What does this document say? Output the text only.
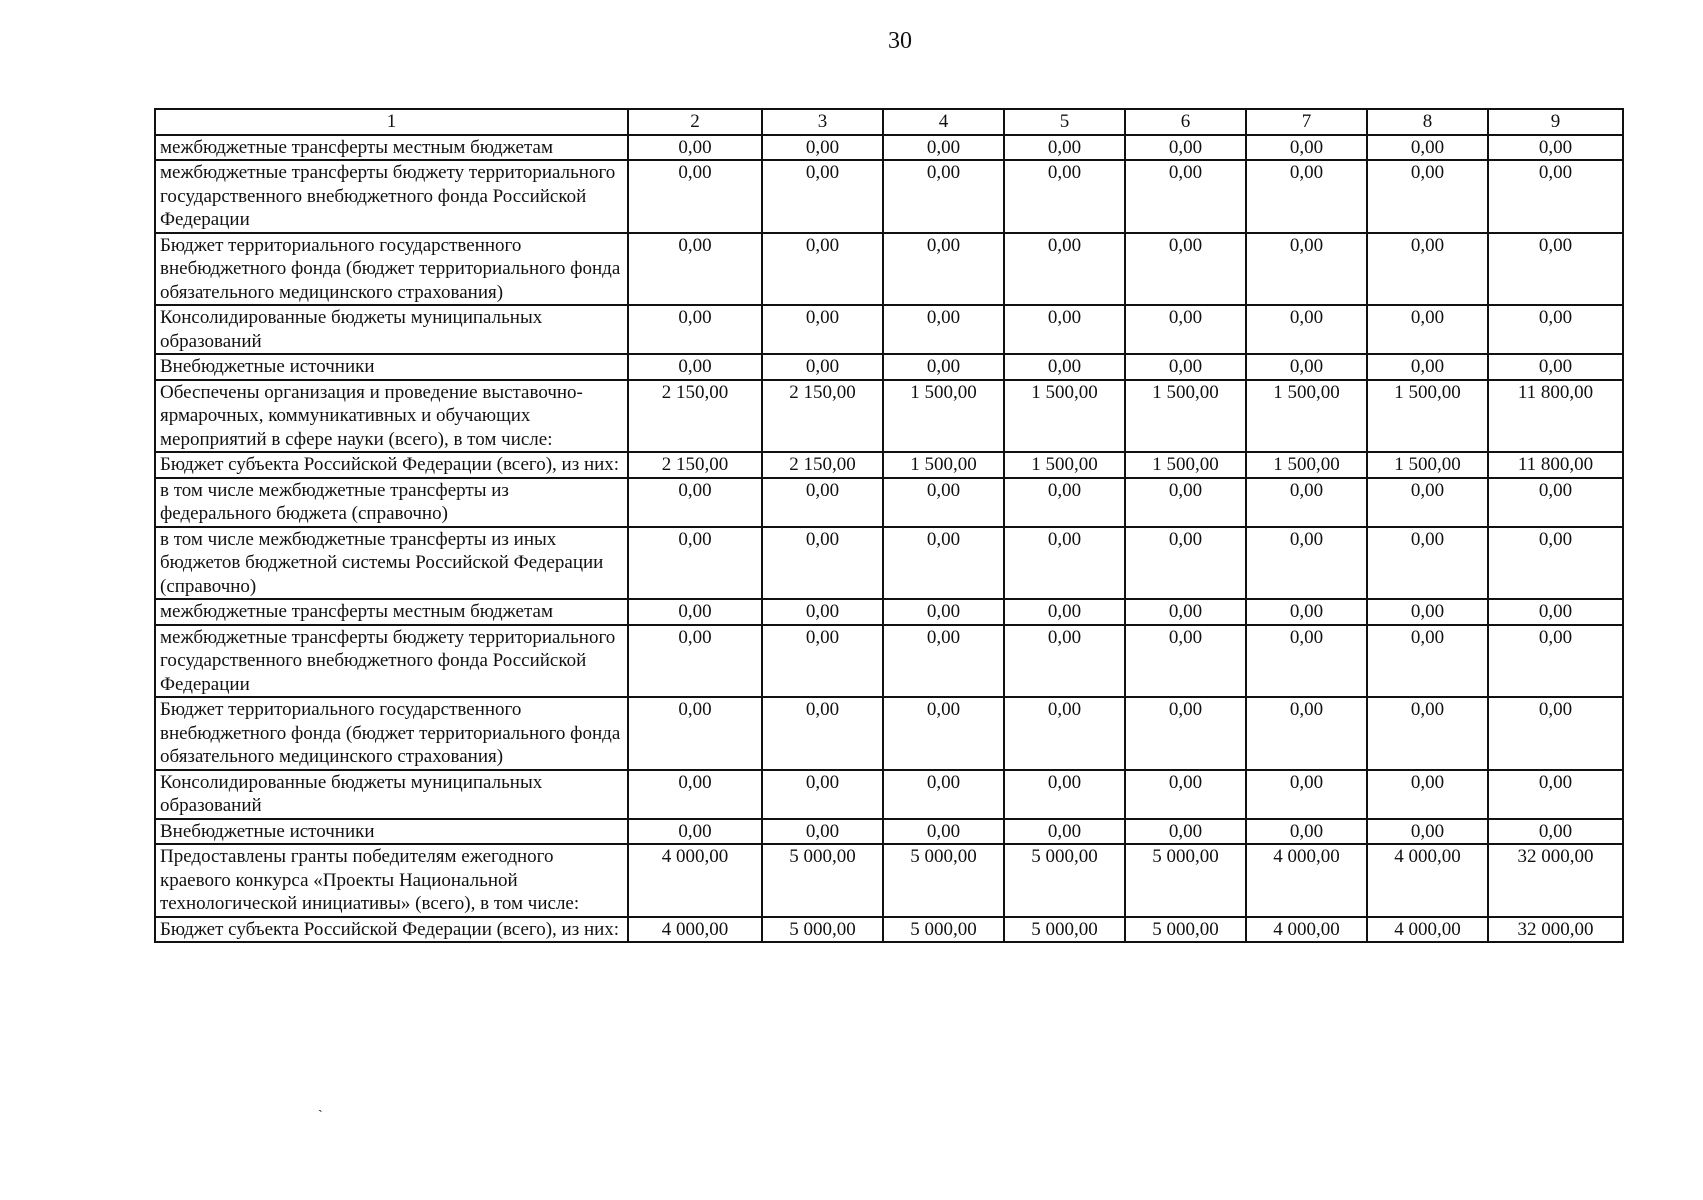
30
1	2	3	4	5	6	7	8	9
межбюджетные трансферты местным бюджетам	0,00	0,00	0,00	0,00	0,00	0,00	0,00	0,00
межбюджетные трансферты бюджету территориального государственного внебюджетного фонда Российской Федерации	0,00	0,00	0,00	0,00	0,00	0,00	0,00	0,00
Бюджет территориального государственного внебюджетного фонда (бюджет территориального фонда обязательного медицинского страхования)	0,00	0,00	0,00	0,00	0,00	0,00	0,00	0,00
Консолидированные бюджеты муниципальных образований	0,00	0,00	0,00	0,00	0,00	0,00	0,00	0,00
Внебюджетные источники	0,00	0,00	0,00	0,00	0,00	0,00	0,00	0,00
Обеспечены организация и проведение выставочно-ярмарочных, коммуникативных и обучающих мероприятий в сфере науки (всего), в том числе:	2 150,00	2 150,00	1 500,00	1 500,00	1 500,00	1 500,00	1 500,00	11 800,00
Бюджет субъекта Российской Федерации (всего), из них:	2 150,00	2 150,00	1 500,00	1 500,00	1 500,00	1 500,00	1 500,00	11 800,00
в том числе межбюджетные трансферты из федерального бюджета (справочно)	0,00	0,00	0,00	0,00	0,00	0,00	0,00	0,00
в том числе межбюджетные трансферты из иных бюджетов бюджетной системы Российской Федерации (справочно)	0,00	0,00	0,00	0,00	0,00	0,00	0,00	0,00
межбюджетные трансферты местным бюджетам	0,00	0,00	0,00	0,00	0,00	0,00	0,00	0,00
межбюджетные трансферты бюджету территориального государственного внебюджетного фонда Российской Федерации	0,00	0,00	0,00	0,00	0,00	0,00	0,00	0,00
Бюджет территориального государственного внебюджетного фонда (бюджет территориального фонда обязательного медицинского страхования)	0,00	0,00	0,00	0,00	0,00	0,00	0,00	0,00
Консолидированные бюджеты муниципальных образований	0,00	0,00	0,00	0,00	0,00	0,00	0,00	0,00
Внебюджетные источники	0,00	0,00	0,00	0,00	0,00	0,00	0,00	0,00
Предоставлены гранты победителям ежегодного краевого конкурса «Проекты Национальной технологической инициативы» (всего), в том числе:	4 000,00	5 000,00	5 000,00	5 000,00	5 000,00	4 000,00	4 000,00	32 000,00
Бюджет субъекта Российской Федерации (всего), из них:	4 000,00	5 000,00	5 000,00	5 000,00	5 000,00	4 000,00	4 000,00	32 000,00
ˏ
